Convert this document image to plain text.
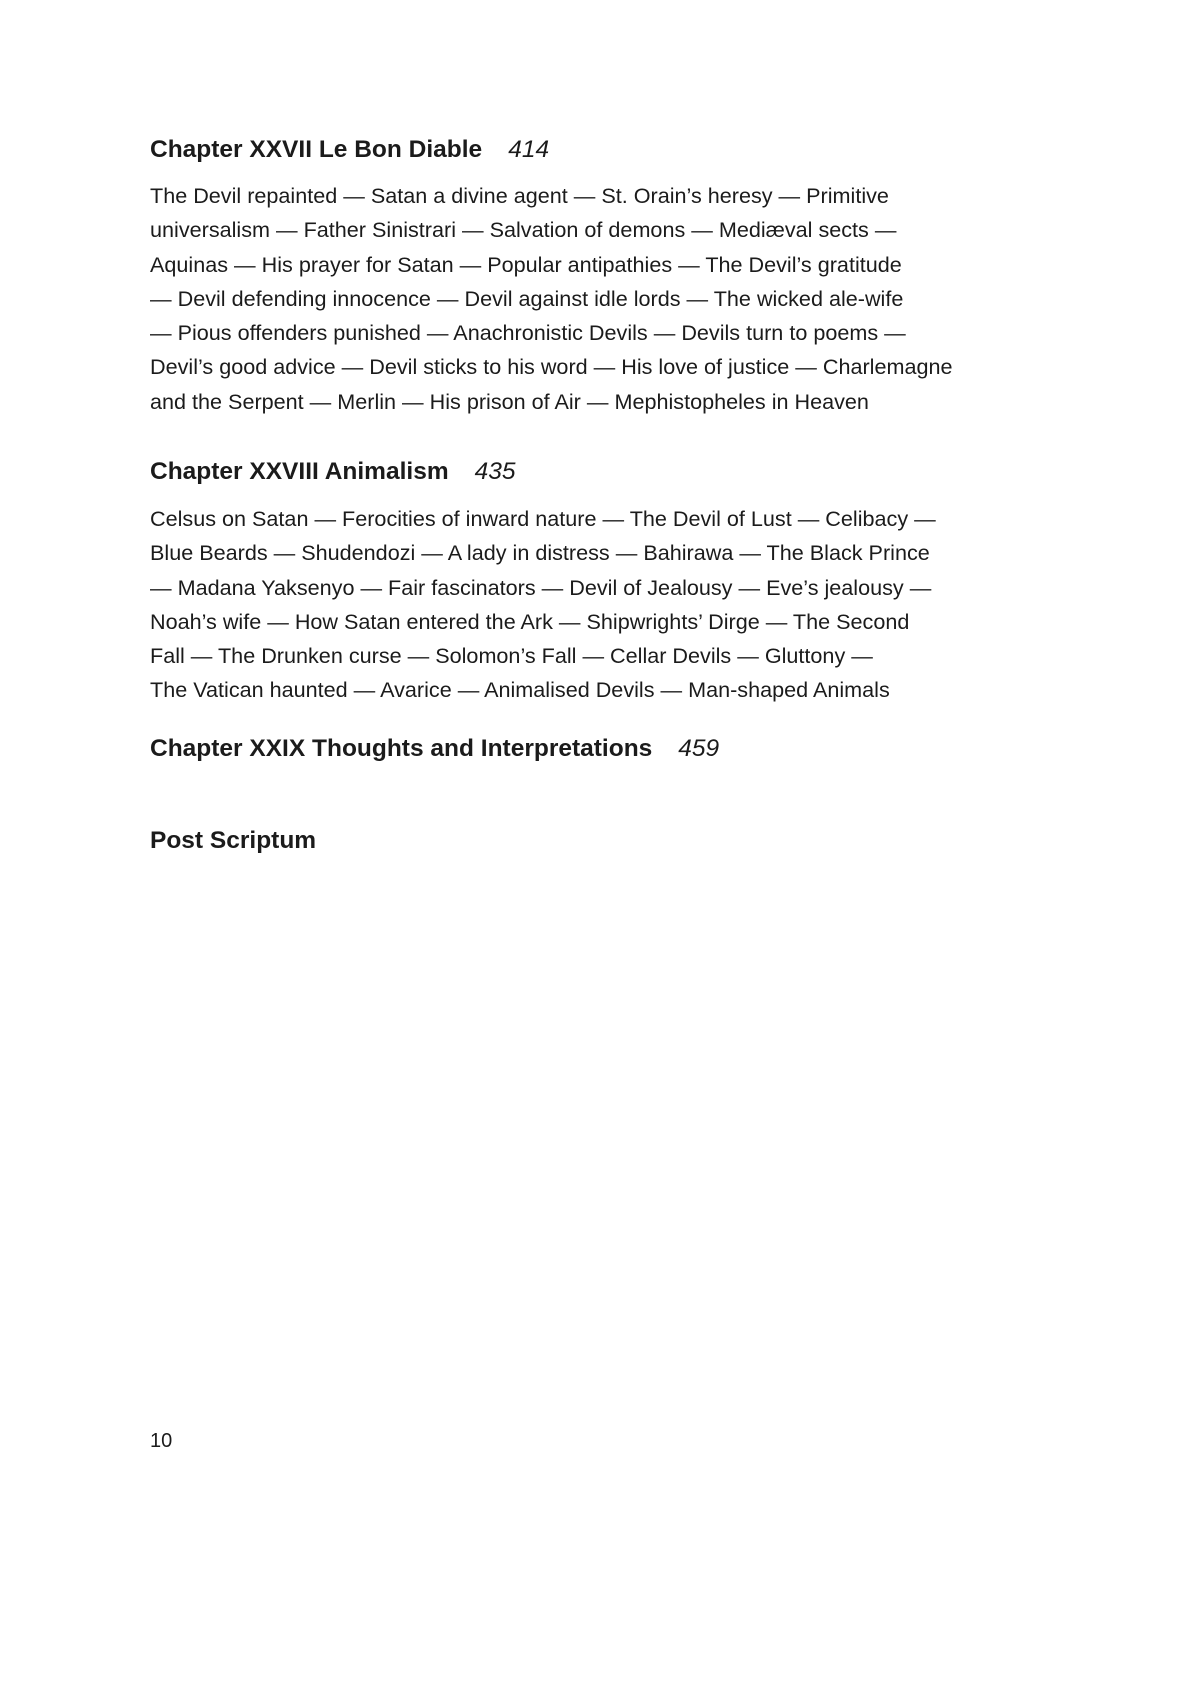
Chapter XXVII Le Bon Diable 414
The Devil repainted — Satan a divine agent — St. Orain’s heresy — Primitive
universalism — Father Sinistrari — Salvation of demons — Mediæval sects —
Aquinas — His prayer for Satan — Popular antipathies — The Devil’s gratitude
— Devil defending innocence — Devil against idle lords — The wicked ale-wife
— Pious offenders punished — Anachronistic Devils — Devils turn to poems —
Devil’s good advice — Devil sticks to his word — His love of justice — Charlemagne
and the Serpent — Merlin — His prison of Air — Mephistopheles in Heaven
Chapter XXVIII Animalism 435
Celsus on Satan — Ferocities of inward nature — The Devil of Lust — Celibacy —
Blue Beards — Shudendozi — A lady in distress — Bahirawa — The Black Prince
— Madana Yaksenyo — Fair fascinators — Devil of Jealousy — Eve’s jealousy —
Noah’s wife — How Satan entered the Ark — Shipwrights’ Dirge — The Second
Fall — The Drunken curse — Solomon’s Fall — Cellar Devils — Gluttony —
The Vatican haunted — Avarice — Animalised Devils — Man-shaped Animals
Chapter XXIX Thoughts and Interpretations 459
Post Scriptum
10
